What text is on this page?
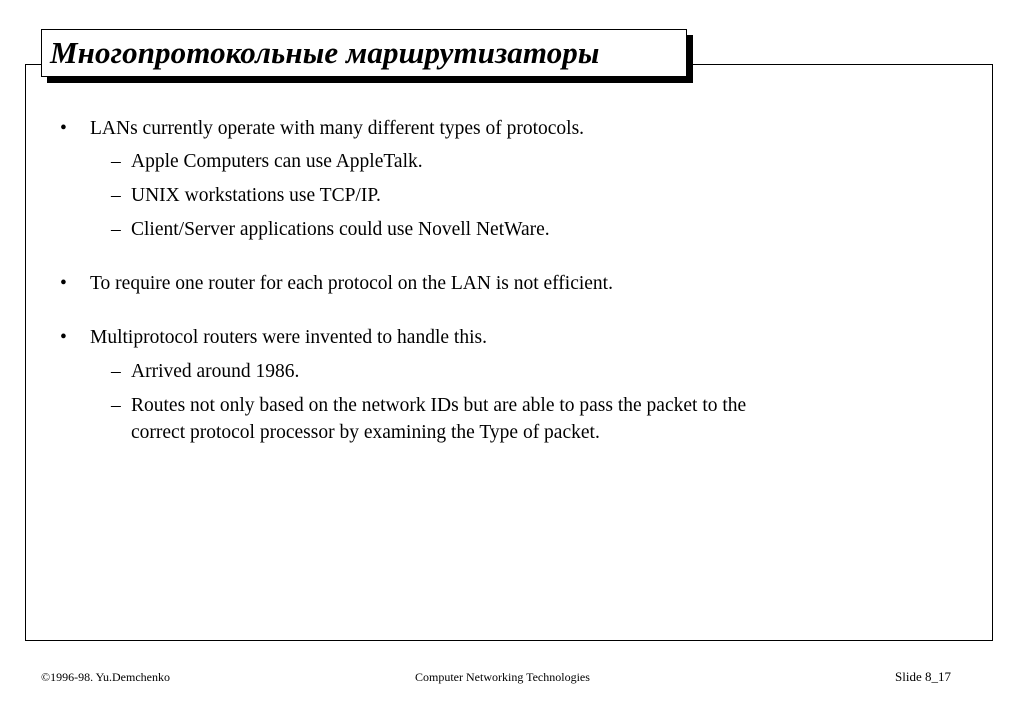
Многопротокольные маршрутизаторы
• LANs currently operate with many different types of protocols.
– Apple Computers can use AppleTalk.
– UNIX workstations use TCP/IP.
– Client/Server applications could use Novell NetWare.
• To require one router for each protocol on the LAN is not efficient.
• Multiprotocol routers were invented to handle this.
– Arrived around 1986.
– Routes not only based on the network IDs but are able to pass the packet to the
correct protocol processor by examining the Type of packet.
©1996-98. Yu.Demchenko	Computer Networking Technologies	Slide 8_17
